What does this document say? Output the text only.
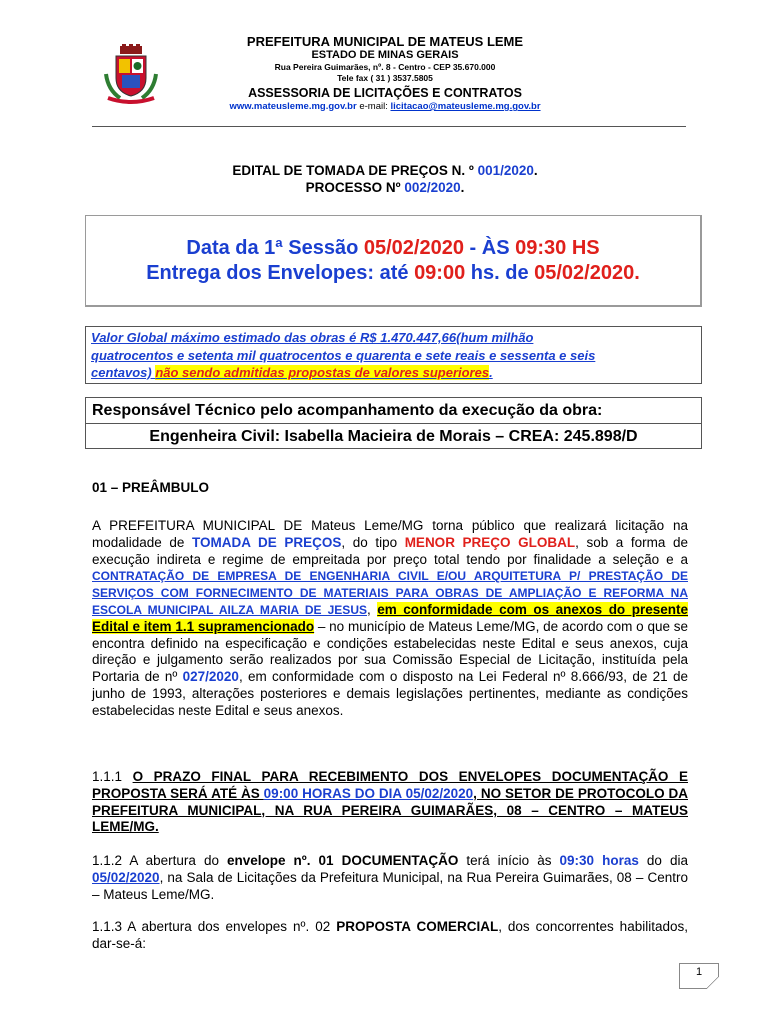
PREFEITURA MUNICIPAL DE MATEUS LEME
ESTADO DE MINAS GERAIS
Rua Pereira Guimarães, nº. 8 - Centro - CEP 35.670.000
Tele fax ( 31 ) 3537.5805
ASSESSORIA DE LICITAÇÕES E CONTRATOS
www.mateusleme.mg.gov.br e-mail: licitacao@mateusleme.mg.gov.br
EDITAL DE TOMADA DE PREÇOS N. º 001/2020.
PROCESSO Nº 002/2020.
Data da 1ª Sessão 05/02/2020 - ÀS 09:30 HS
Entrega dos Envelopes: até 09:00 hs. de 05/02/2020.
Valor Global máximo estimado das obras é R$ 1.470.447,66(hum milhão
quatrocentos e setenta mil quatrocentos e quarenta e sete reais e sessenta e seis
centavos) não sendo admitidas propostas de valores superiores.
Responsável Técnico pelo acompanhamento da execução da obra:
Engenheira Civil: Isabella Macieira de Morais – CREA: 245.898/D
01 – PREÂMBULO
A PREFEITURA MUNICIPAL DE Mateus Leme/MG torna público que realizará licitação na modalidade de TOMADA DE PREÇOS, do tipo MENOR PREÇO GLOBAL, sob a forma de execução indireta e regime de empreitada por preço total tendo por finalidade a seleção e a CONTRATAÇÃO DE EMPRESA DE ENGENHARIA CIVIL E/OU ARQUITETURA P/ PRESTAÇÃO DE SERVIÇOS COM FORNECIMENTO DE MATERIAIS PARA OBRAS DE AMPLIAÇÃO E REFORMA NA ESCOLA MUNICIPAL AILZA MARIA DE JESUS, em conformidade com os anexos do presente Edital e item 1.1 supramencionado – no município de Mateus Leme/MG, de acordo com o que se encontra definido na especificação e condições estabelecidas neste Edital e seus anexos, cuja direção e julgamento serão realizados por sua Comissão Especial de Licitação, instituída pela Portaria de nº 027/2020, em conformidade com o disposto na Lei Federal nº 8.666/93, de 21 de junho de 1993, alterações posteriores e demais legislações pertinentes, mediante as condições estabelecidas neste Edital e seus anexos.
1.1.1 O PRAZO FINAL PARA RECEBIMENTO DOS ENVELOPES DOCUMENTAÇÃO E PROPOSTA SERÁ ATÉ ÀS 09:00 HORAS DO DIA 05/02/2020, NO SETOR DE PROTOCOLO DA PREFEITURA MUNICIPAL, NA RUA PEREIRA GUIMARÃES, 08 – CENTRO – MATEUS LEME/MG.
1.1.2 A abertura do envelope nº. 01 DOCUMENTAÇÃO terá início às 09:30 horas do dia 05/02/2020, na Sala de Licitações da Prefeitura Municipal, na Rua Pereira Guimarães, 08 – Centro – Mateus Leme/MG.
1.1.3 A abertura dos envelopes nº. 02 PROPOSTA COMERCIAL, dos concorrentes habilitados, dar-se-á:
1
